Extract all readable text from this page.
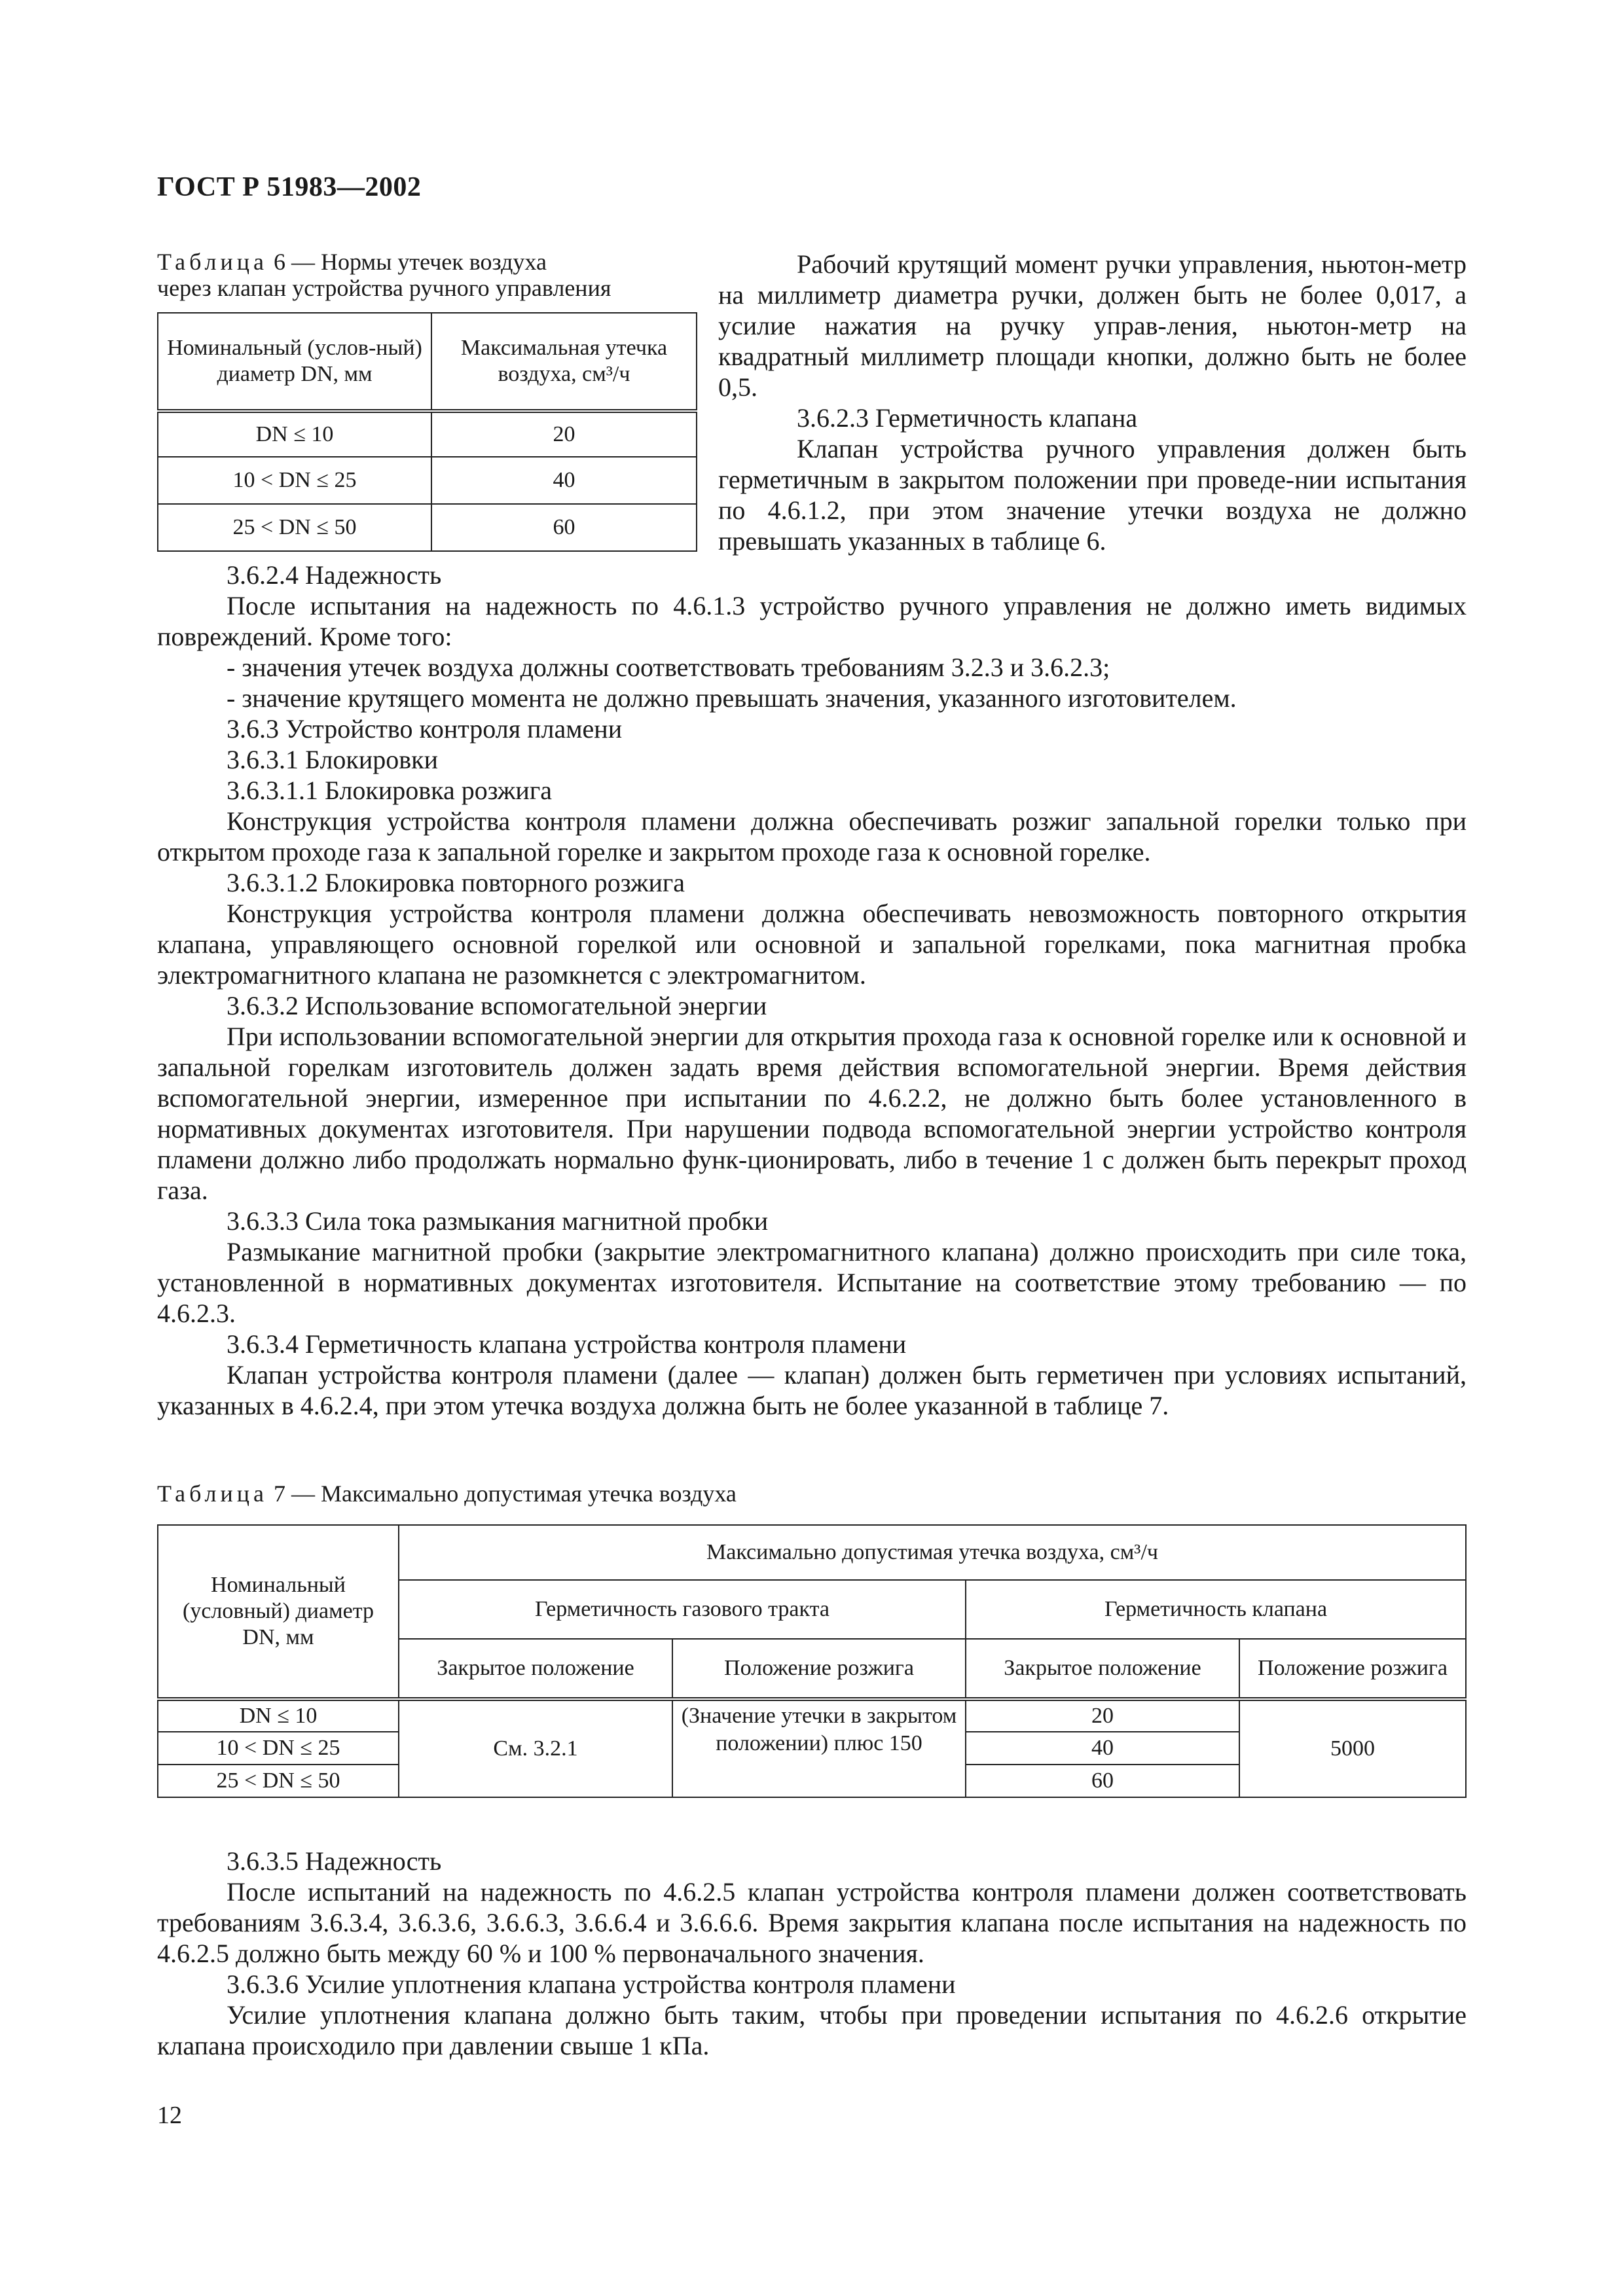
ГОСТ Р 51983—2002
Таблица 6 — Нормы утечек воздуха
через клапан устройства ручного управления
Номинальный (услов-ный) диаметр DN, мм	Максимальная утечка воздуха, см³/ч
DN ≤ 10	20
10 < DN ≤ 25	40
25 < DN ≤ 50	60

Рабочий крутящий момент ручки управления, ньютон-метр на миллиметр диаметра ручки, должен быть не более 0,017, а усилие нажатия на ручку управ-ления, ньютон-метр на квадратный миллиметр площади кнопки, должно быть не более 0,5.

3.6.2.3 Герметичность клапана

Клапан устройства ручного управления должен быть герметичным в закрытом положении при проведе-нии испытания по 4.6.1.2, при этом значение утечки воздуха не должно превышать указанных в таблице 6.

3.6.2.4 Надежность

После испытания на надежность по 4.6.1.3 устройство ручного управления не должно иметь видимых повреждений. Кроме того:

- значения утечек воздуха должны соответствовать требованиям 3.2.3 и 3.6.2.3;

- значение крутящего момента не должно превышать значения, указанного изготовителем.

3.6.3 Устройство контроля пламени

3.6.3.1 Блокировки

3.6.3.1.1 Блокировка розжига

Конструкция устройства контроля пламени должна обеспечивать розжиг запальной горелки только при открытом проходе газа к запальной горелке и закрытом проходе газа к основной горелке.

3.6.3.1.2 Блокировка повторного розжига

Конструкция устройства контроля пламени должна обеспечивать невозможность повторного открытия клапана, управляющего основной горелкой или основной и запальной горелками, пока магнитная пробка электромагнитного клапана не разомкнется с электромагнитом.

3.6.3.2 Использование вспомогательной энергии

При использовании вспомогательной энергии для открытия прохода газа к основной горелке или к основной и запальной горелкам изготовитель должен задать время действия вспомогательной энергии. Время действия вспомогательной энергии, измеренное при испытании по 4.6.2.2, не должно быть более установленного в нормативных документах изготовителя. При нарушении подвода вспомогательной энергии устройство контроля пламени должно либо продолжать нормально функ-ционировать, либо в течение 1 с должен быть перекрыт проход газа.

3.6.3.3 Сила тока размыкания магнитной пробки

Размыкание магнитной пробки (закрытие электромагнитного клапана) должно происходить при силе тока, установленной в нормативных документах изготовителя. Испытание на соответствие этому требованию — по 4.6.2.3.

3.6.3.4 Герметичность клапана устройства контроля пламени

Клапан устройства контроля пламени (далее — клапан) должен быть герметичен при условиях испытаний, указанных в 4.6.2.4, при этом утечка воздуха должна быть не более указанной в таблице 7.

Таблица 7 — Максимально допустимая утечка воздуха
Номинальный (условный) диаметр DN, мм	Максимально допустимая утечка воздуха, см³/ч			
	Герметичность газового тракта		Герметичность клапана	
	Закрытое положение	Положение розжига	Закрытое положение	Положение розжига
DN ≤ 10	См. 3.2.1	(Значение утечки в закрытом положении) плюс 150	20	5000
10 < DN ≤ 25			40	
25 < DN ≤ 50			60	

3.6.3.5 Надежность

После испытаний на надежность по 4.6.2.5 клапан устройства контроля пламени должен соответствовать требованиям 3.6.3.4, 3.6.3.6, 3.6.6.3, 3.6.6.4 и 3.6.6.6. Время закрытия клапана после испытания на надежность по 4.6.2.5 должно быть между 60 % и 100 % первоначального значения.

3.6.3.6 Усилие уплотнения клапана устройства контроля пламени

Усилие уплотнения клапана должно быть таким, чтобы при проведении испытания по 4.6.2.6 открытие клапана происходило при давлении свыше 1 кПа.

12
